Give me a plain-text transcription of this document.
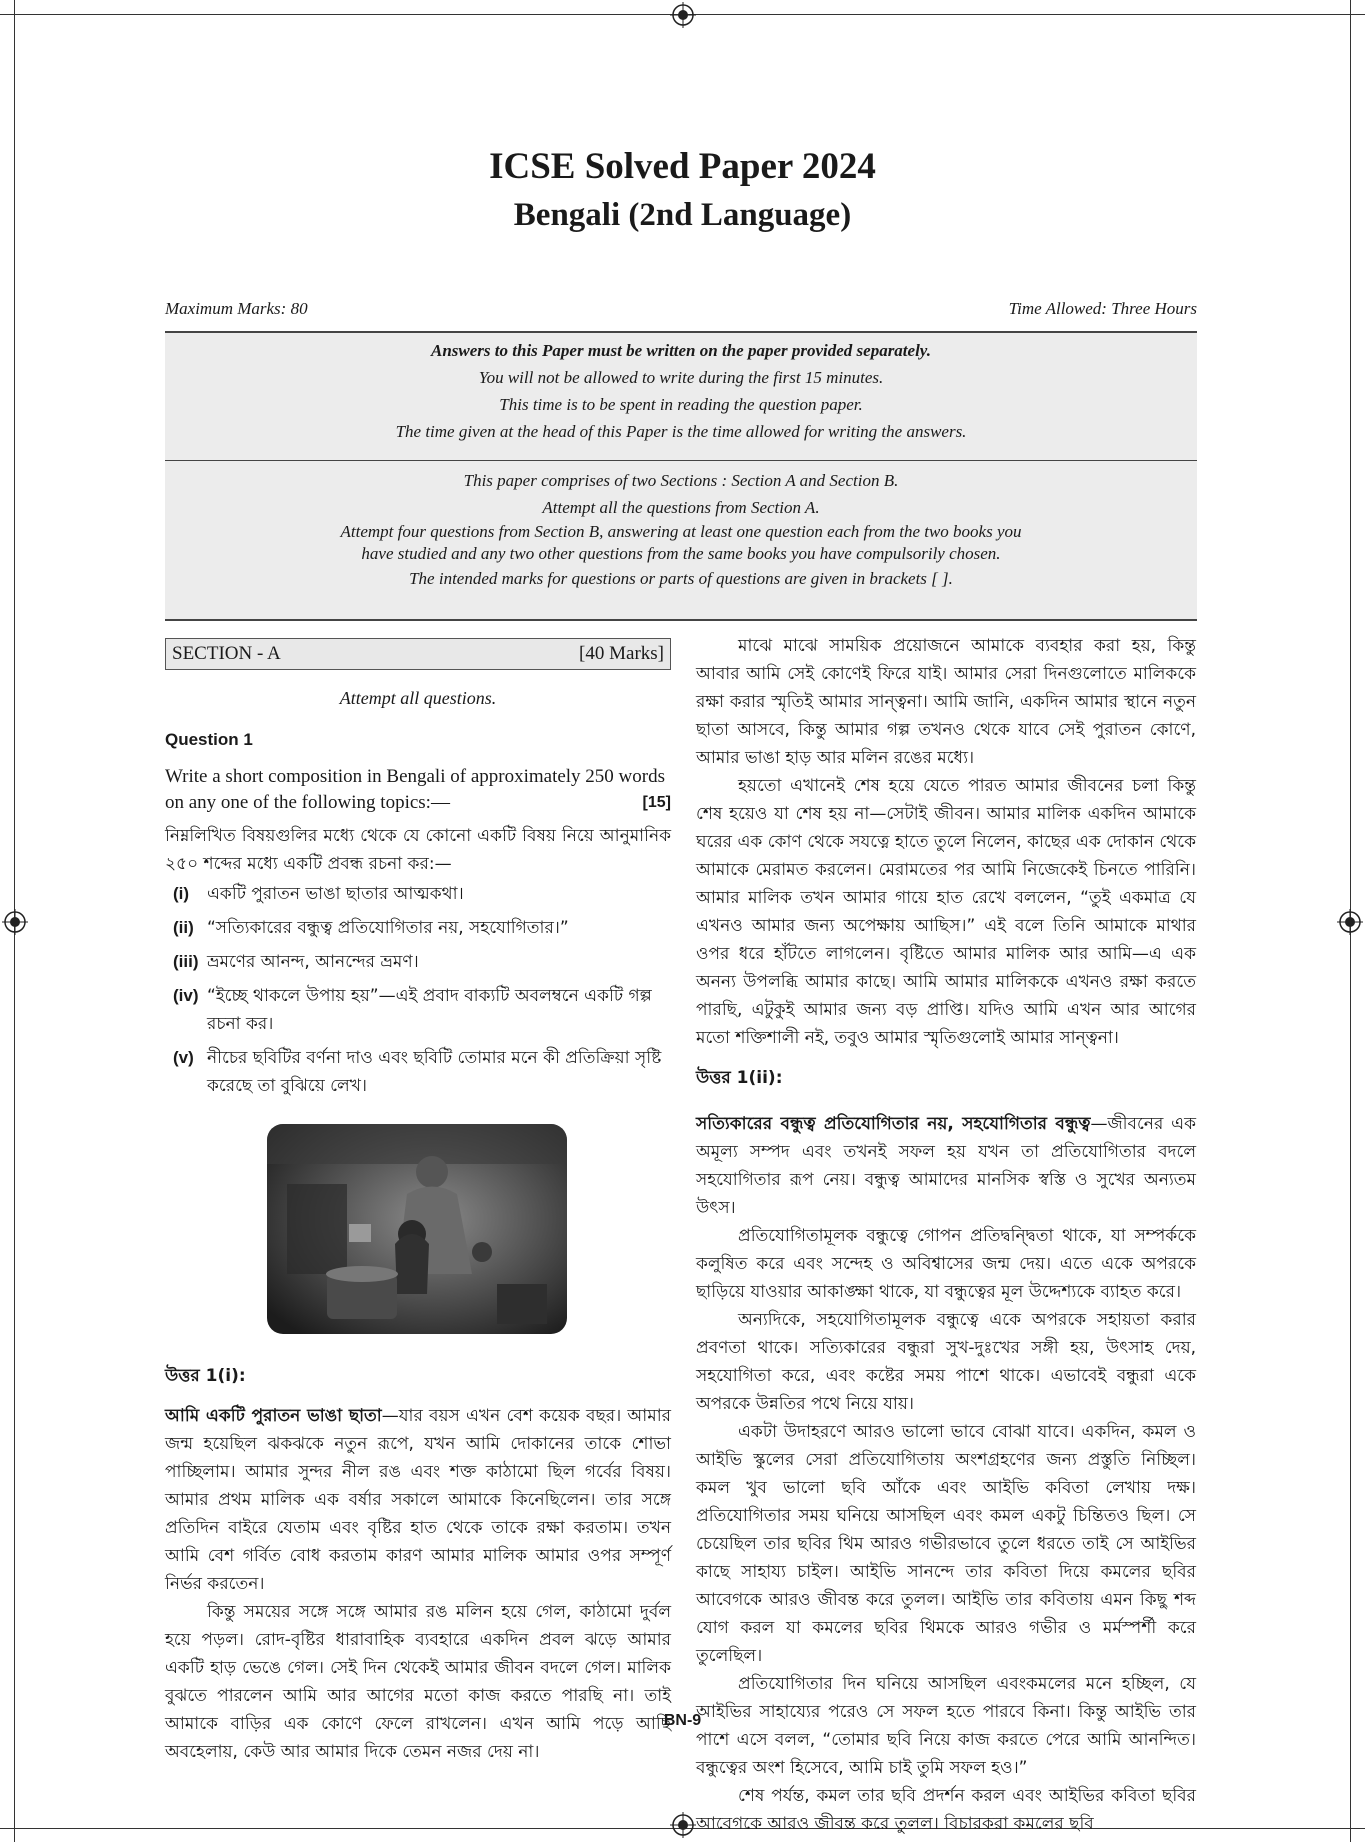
ICSE Solved Paper 2024
Bengali (2nd Language)
Maximum Marks: 80	Time Allowed: Three Hours

Answers to this Paper must be written on the paper provided separately.

You will not be allowed to write during the first 15 minutes.

This time is to be spent in reading the question paper.

The time given at the head of this Paper is the time allowed for writing the answers.

This paper comprises of two Sections : Section A and Section B.

Attempt all the questions from Section A.

Attempt four questions from Section B, answering at least one question each from the two books you have studied and any two other questions from the same books you have compulsorily chosen.

The intended marks for questions or parts of questions are given in brackets [ ].

SECTION - A	[40 Marks]
Attempt all questions.
Question 1
Write a short composition in Bengali of approximately 250 words on any one of the following topics:—	[15]
নিম্নলিখিত বিষয়গুলির মধ্যে থেকে যে কোনো একটি বিষয় নিয়ে আনুমানিক ২৫০ শব্দের মধ্যে একটি প্রবন্ধ রচনা কর:—
(i)	একটি পুরাতন ভাঙা ছাতার আত্মকথা।
(ii) “সত্যিকারের বন্ধুত্ব প্রতিযোগিতার নয়, সহযোগিতার।”
(iii) ভ্রমণের আনন্দ, আনন্দের ভ্রমণ।
(iv) “ইচ্ছে থাকলে উপায় হয়”—এই প্রবাদ বাক্যটি অবলম্বনে একটি গল্প রচনা কর।
(v) নীচের ছবিটির বর্ণনা দাও এবং ছবিটি তোমার মনে কী প্রতিক্রিয়া সৃষ্টি করেছে তা বুঝিয়ে লেখ।
উত্তর 1(i):

আমি একটি পুরাতন ভাঙা ছাতা—যার বয়স এখন বেশ কয়েক বছর। আমার জন্ম হয়েছিল ঝকঝকে নতুন রূপে, যখন আমি দোকানের তাকে শোভা পাচ্ছিলাম। আমার সুন্দর নীল রঙ এবং শক্ত কাঠামো ছিল গর্বের বিষয়। আমার প্রথম মালিক এক বর্ষার সকালে আমাকে কিনেছিলেন। তার সঙ্গে প্রতিদিন বাইরে যেতাম এবং বৃষ্টির হাত থেকে তাকে রক্ষা করতাম। তখন আমি বেশ গর্বিত বোধ করতাম কারণ আমার মালিক আমার ওপর সম্পূর্ণ নির্ভর করতেন।

কিন্তু সময়ের সঙ্গে সঙ্গে আমার রঙ মলিন হয়ে গেল, কাঠামো দুর্বল হয়ে পড়ল। রোদ-বৃষ্টির ধারাবাহিক ব্যবহারে একদিন প্রবল ঝড়ে আমার একটি হাড় ভেঙে গেল। সেই দিন থেকেই আমার জীবন বদলে গেল। মালিক বুঝতে পারলেন আমি আর আগের মতো কাজ করতে পারছি না। তাই আমাকে বাড়ির এক কোণে ফেলে রাখলেন। এখন আমি পড়ে আছি অবহেলায়, কেউ আর আমার দিকে তেমন নজর দেয় না।

মাঝে মাঝে সাময়িক প্রয়োজনে আমাকে ব্যবহার করা হয়, কিন্তু আবার আমি সেই কোণেই ফিরে যাই। আমার সেরা দিনগুলোতে মালিককে রক্ষা করার স্মৃতিই আমার সান্ত্বনা। আমি জানি, একদিন আমার স্থানে নতুন ছাতা আসবে, কিন্তু আমার গল্প তখনও থেকে যাবে সেই পুরাতন কোণে, আমার ভাঙা হাড় আর মলিন রঙের মধ্যে।

হয়তো এখানেই শেষ হয়ে যেতে পারত আমার জীবনের চলা কিন্তু শেষ হয়েও যা শেষ হয় না—সেটাই জীবন। আমার মালিক একদিন আমাকে ঘরের এক কোণ থেকে সযত্নে হাতে তুলে নিলেন, কাছের এক দোকান থেকে আমাকে মেরামত করলেন। মেরামতের পর আমি নিজেকেই চিনতে পারিনি। আমার মালিক তখন আমার গায়ে হাত রেখে বললেন, “তুই একমাত্র যে এখনও আমার জন্য অপেক্ষায় আছিস।” এই বলে তিনি আমাকে মাথার ওপর ধরে হাঁটতে লাগলেন। বৃষ্টিতে আমার মালিক আর আমি—এ এক অনন্য উপলব্ধি আমার কাছে। আমি আমার মালিককে এখনও রক্ষা করতে পারছি, এটুকুই আমার জন্য বড় প্রাপ্তি। যদিও আমি এখন আর আগের মতো শক্তিশালী নই, তবুও আমার স্মৃতিগুলোই আমার সান্ত্বনা।

উত্তর 1(ii):

সত্যিকারের বন্ধুত্ব প্রতিযোগিতার নয়, সহযোগিতার বন্ধুত্ব—জীবনের এক অমূল্য সম্পদ এবং তখনই সফল হয় যখন তা প্রতিযোগিতার বদলে সহযোগিতার রূপ নেয়। বন্ধুত্ব আমাদের মানসিক স্বস্তি ও সুখের অন্যতম উৎস।

প্রতিযোগিতামূলক বন্ধুত্বে গোপন প্রতিদ্বন্দ্বিতা থাকে, যা সম্পর্ককে কলুষিত করে এবং সন্দেহ ও অবিশ্বাসের জন্ম দেয়। এতে একে অপরকে ছাড়িয়ে যাওয়ার আকাঙ্ক্ষা থাকে, যা বন্ধুত্বের মূল উদ্দেশ্যকে ব্যাহত করে।

অন্যদিকে, সহযোগিতামূলক বন্ধুত্বে একে অপরকে সহায়তা করার প্রবণতা থাকে। সত্যিকারের বন্ধুরা সুখ-দুঃখের সঙ্গী হয়, উৎসাহ দেয়, সহযোগিতা করে, এবং কষ্টের সময় পাশে থাকে। এভাবেই বন্ধুরা একে অপরকে উন্নতির পথে নিয়ে যায়।

একটা উদাহরণে আরও ভালো ভাবে বোঝা যাবে। একদিন, কমল ও আইভি স্কুলের সেরা প্রতিযোগিতায় অংশগ্রহণের জন্য প্রস্তুতি নিচ্ছিল। কমল খুব ভালো ছবি আঁকে এবং আইভি কবিতা লেখায় দক্ষ। প্রতিযোগিতার সময় ঘনিয়ে আসছিল এবং কমল একটু চিন্তিতও ছিল। সে চেয়েছিল তার ছবির থিম আরও গভীরভাবে তুলে ধরতে তাই সে আইভির কাছে সাহায্য চাইল। আইভি সানন্দে তার কবিতা দিয়ে কমলের ছবির আবেগকে আরও জীবন্ত করে তুলল। আইভি তার কবিতায় এমন কিছু শব্দ যোগ করল যা কমলের ছবির থিমকে আরও গভীর ও মর্মস্পর্শী করে তুলেছিল।

প্রতিযোগিতার দিন ঘনিয়ে আসছিল এবংকমলের মনে হচ্ছিল, যে আইভির সাহায্যের পরেও সে সফল হতে পারবে কিনা। কিন্তু আইভি তার পাশে এসে বলল, “তোমার ছবি নিয়ে কাজ করতে পেরে আমি আনন্দিত। বন্ধুত্বের অংশ হিসেবে, আমি চাই তুমি সফল হও।”

শেষ পর্যন্ত, কমল তার ছবি প্রদর্শন করল এবং আইভির কবিতা ছবির আবেগকে আরও জীবন্ত করে তুলল। বিচারকরা কমলের ছবি

BN-9
